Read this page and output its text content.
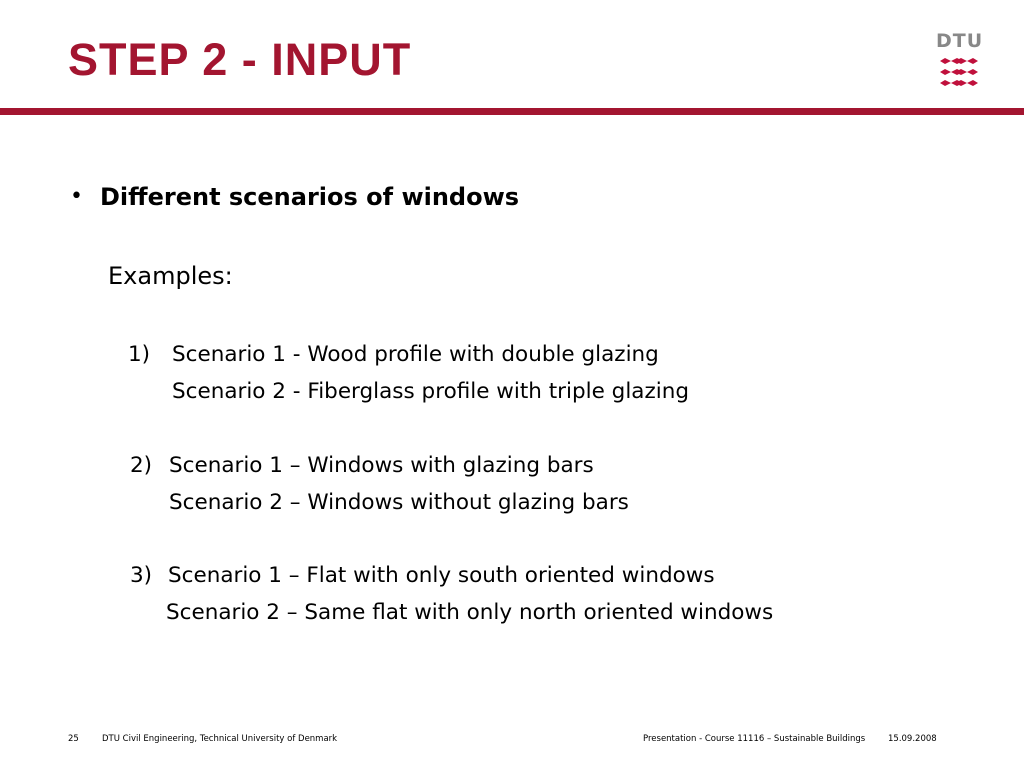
STEP 2 - INPUT	DTU
• Different scenarios of windows
Examples:
1) Scenario 1 - Wood profile with double glazing
Scenario 2 - Fiberglass profile with triple glazing
2) Scenario 1 – Windows with glazing bars
Scenario 2 – Windows without glazing bars
3) Scenario 1 – Flat with only south oriented windows
Scenario 2 – Same flat with only north oriented windows
25	DTU Civil Engineering, Technical University of Denmark	Presentation - Course 11116 – Sustainable Buildings	15.09.2008
